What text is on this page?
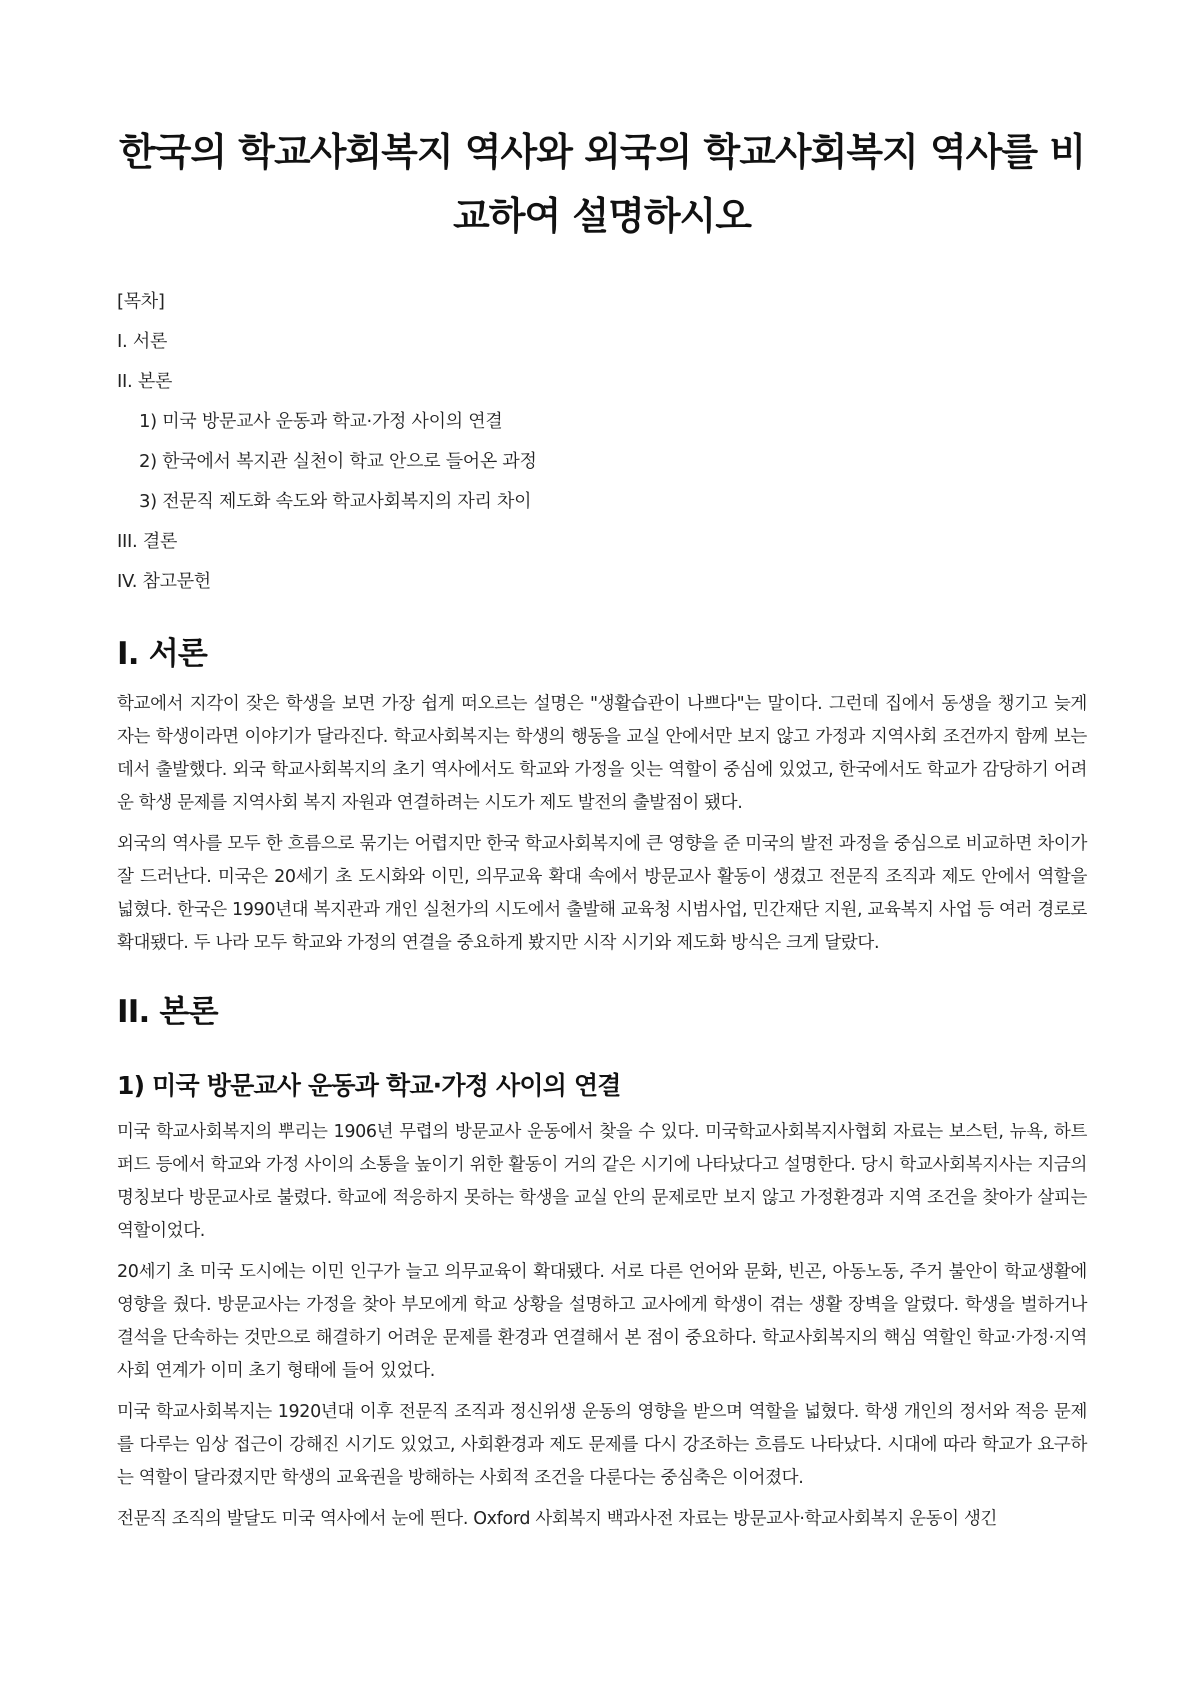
한국의 학교사회복지 역사와 외국의 학교사회복지 역사를 비교하여 설명하시오
[목차]
I. 서론
II. 본론
1) 미국 방문교사 운동과 학교·가정 사이의 연결
2) 한국에서 복지관 실천이 학교 안으로 들어온 과정
3) 전문직 제도화 속도와 학교사회복지의 자리 차이
III. 결론
IV. 참고문헌
I. 서론

학교에서 지각이 잦은 학생을 보면 가장 쉽게 떠오르는 설명은 "생활습관이 나쁘다"는 말이다. 그런데 집에서 동생을 챙기고 늦게 자는 학생이라면 이야기가 달라진다. 학교사회복지는 학생의 행동을 교실 안에서만 보지 않고 가정과 지역사회 조건까지 함께 보는 데서 출발했다. 외국 학교사회복지의 초기 역사에서도 학교와 가정을 잇는 역할이 중심에 있었고, 한국에서도 학교가 감당하기 어려운 학생 문제를 지역사회 복지 자원과 연결하려는 시도가 제도 발전의 출발점이 됐다.

외국의 역사를 모두 한 흐름으로 묶기는 어렵지만 한국 학교사회복지에 큰 영향을 준 미국의 발전 과정을 중심으로 비교하면 차이가 잘 드러난다. 미국은 20세기 초 도시화와 이민, 의무교육 확대 속에서 방문교사 활동이 생겼고 전문직 조직과 제도 안에서 역할을 넓혔다. 한국은 1990년대 복지관과 개인 실천가의 시도에서 출발해 교육청 시범사업, 민간재단 지원, 교육복지 사업 등 여러 경로로 확대됐다. 두 나라 모두 학교와 가정의 연결을 중요하게 봤지만 시작 시기와 제도화 방식은 크게 달랐다.

II. 본론
1) 미국 방문교사 운동과 학교·가정 사이의 연결

미국 학교사회복지의 뿌리는 1906년 무렵의 방문교사 운동에서 찾을 수 있다. 미국학교사회복지사협회 자료는 보스턴, 뉴욕, 하트퍼드 등에서 학교와 가정 사이의 소통을 높이기 위한 활동이 거의 같은 시기에 나타났다고 설명한다. 당시 학교사회복지사는 지금의 명칭보다 방문교사로 불렸다. 학교에 적응하지 못하는 학생을 교실 안의 문제로만 보지 않고 가정환경과 지역 조건을 찾아가 살피는 역할이었다.

20세기 초 미국 도시에는 이민 인구가 늘고 의무교육이 확대됐다. 서로 다른 언어와 문화, 빈곤, 아동노동, 주거 불안이 학교생활에 영향을 줬다. 방문교사는 가정을 찾아 부모에게 학교 상황을 설명하고 교사에게 학생이 겪는 생활 장벽을 알렸다. 학생을 벌하거나 결석을 단속하는 것만으로 해결하기 어려운 문제를 환경과 연결해서 본 점이 중요하다. 학교사회복지의 핵심 역할인 학교·가정·지역사회 연계가 이미 초기 형태에 들어 있었다.

미국 학교사회복지는 1920년대 이후 전문직 조직과 정신위생 운동의 영향을 받으며 역할을 넓혔다. 학생 개인의 정서와 적응 문제를 다루는 임상 접근이 강해진 시기도 있었고, 사회환경과 제도 문제를 다시 강조하는 흐름도 나타났다. 시대에 따라 학교가 요구하는 역할이 달라졌지만 학생의 교육권을 방해하는 사회적 조건을 다룬다는 중심축은 이어졌다.

전문직 조직의 발달도 미국 역사에서 눈에 띈다. Oxford 사회복지 백과사전 자료는 방문교사·학교사회복지 운동이 생긴
